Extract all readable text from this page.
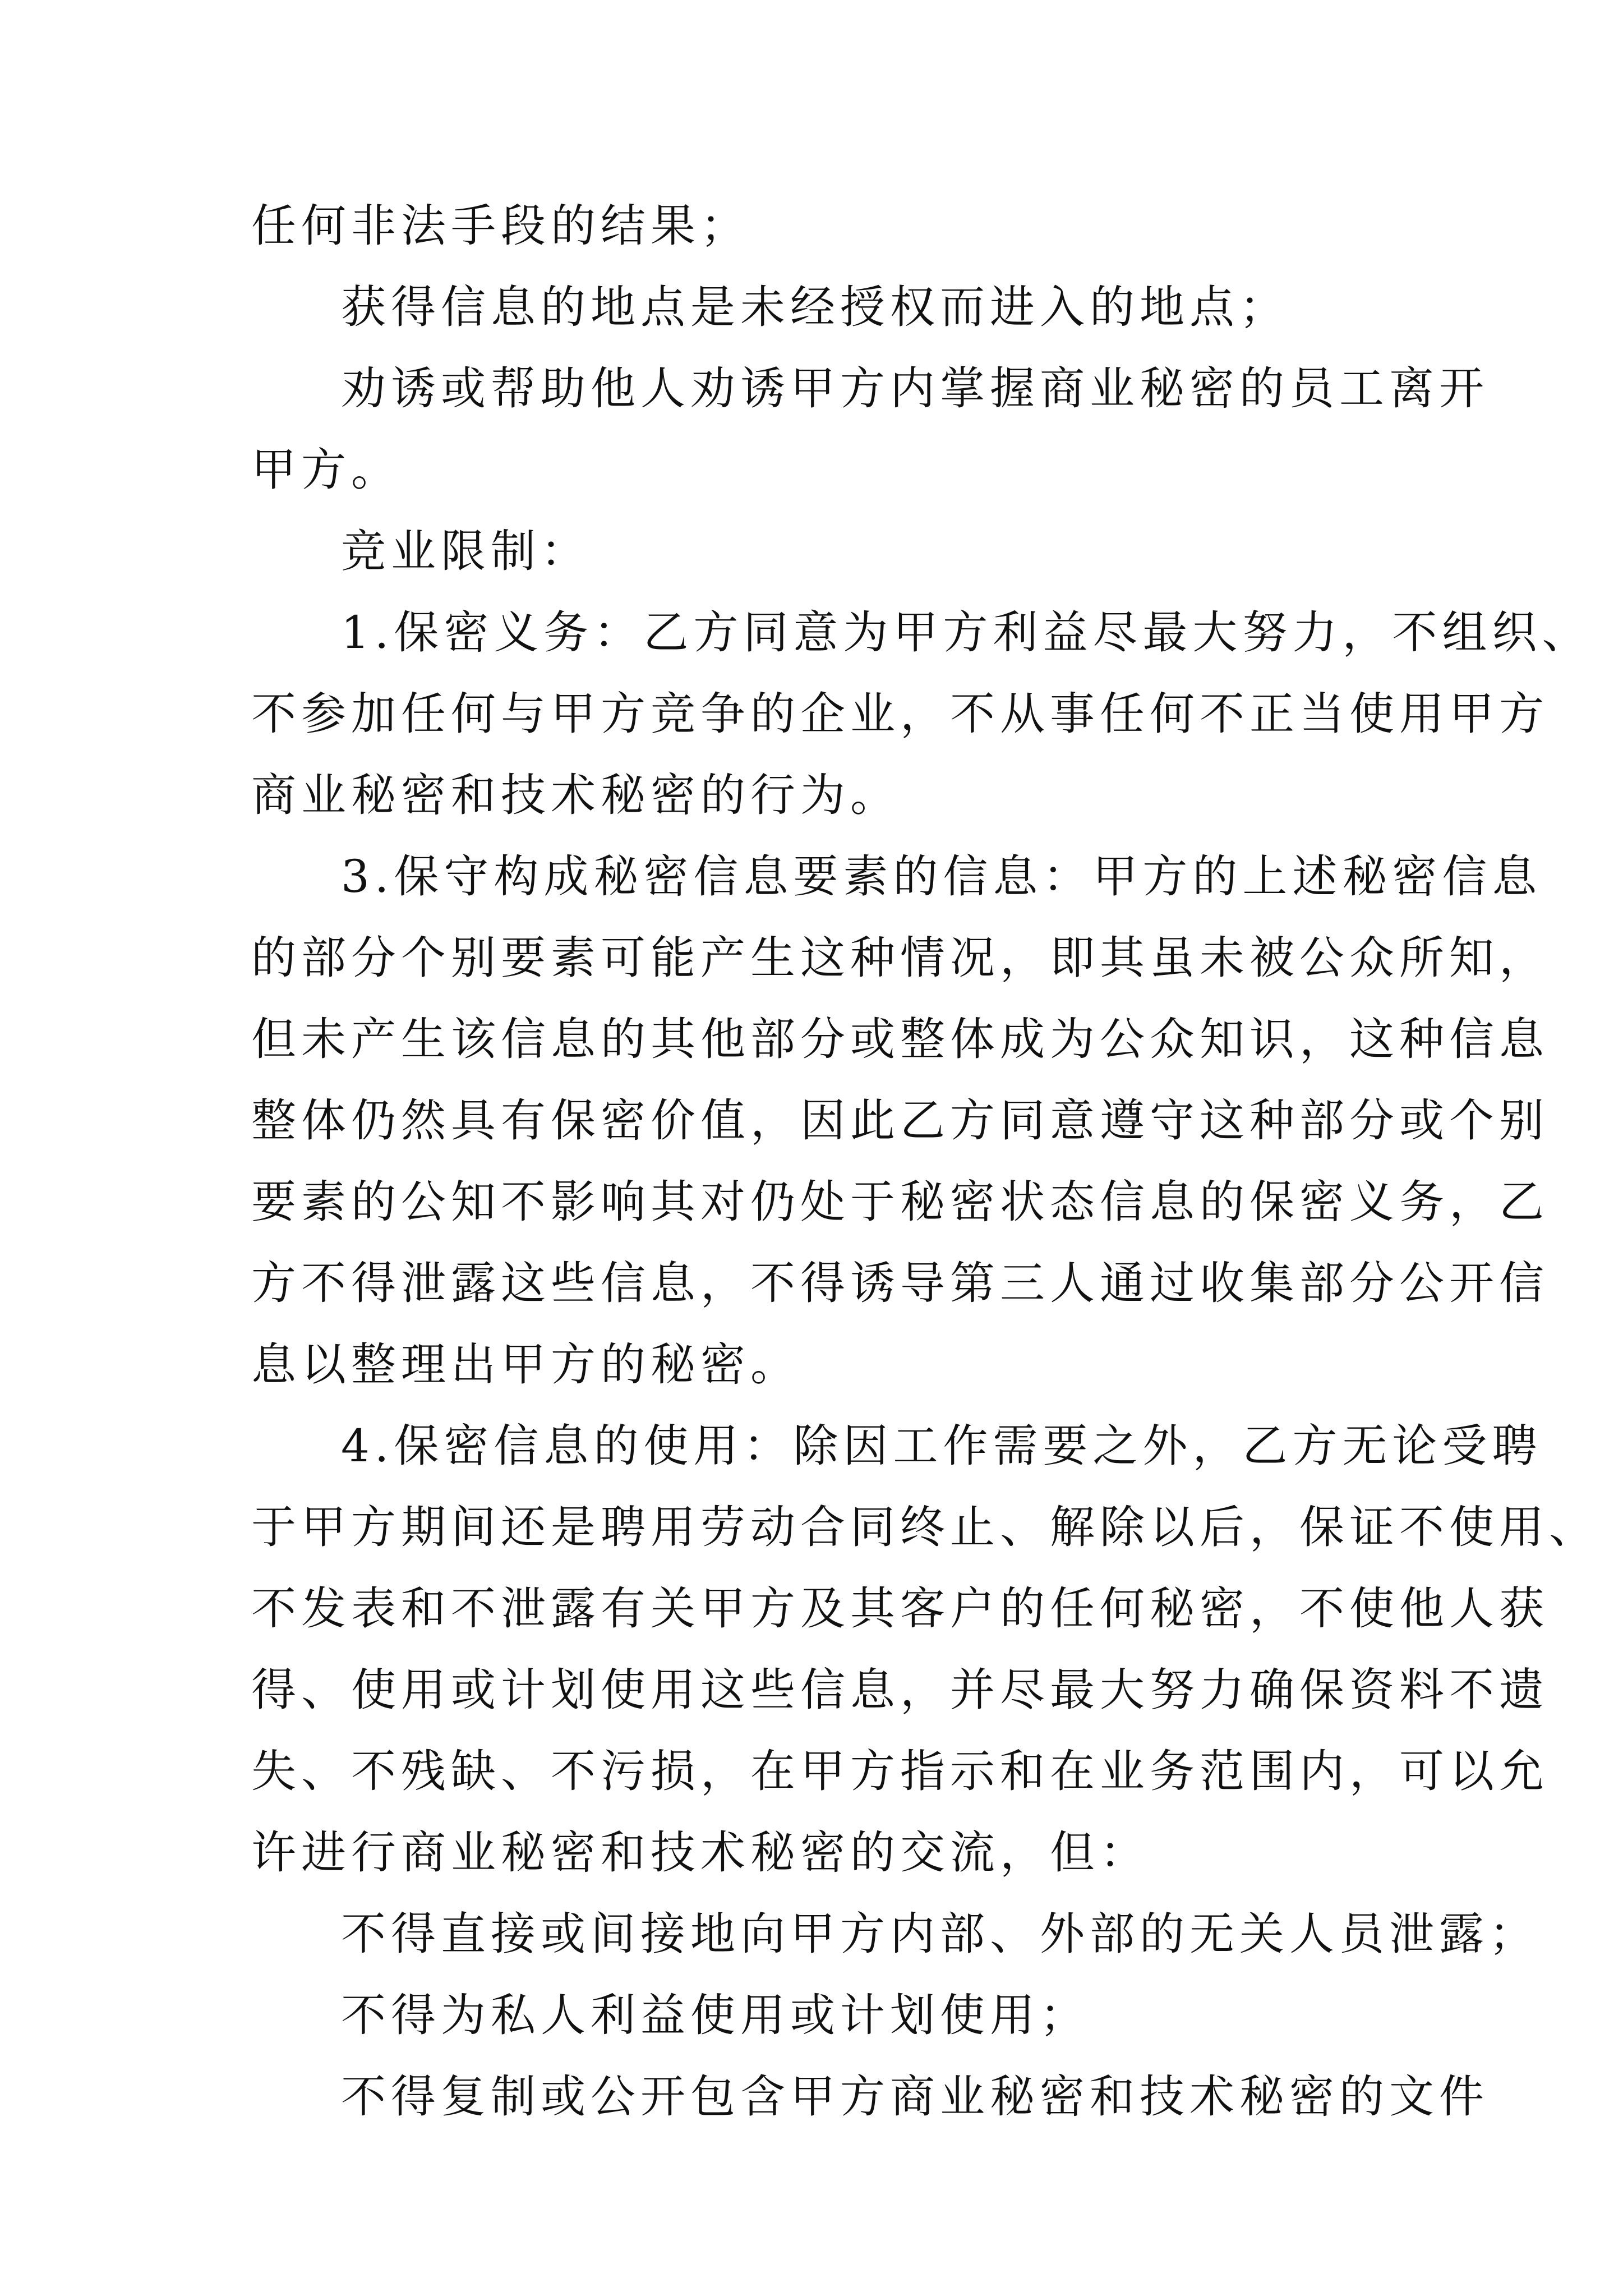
任何非法手段的结果；
获得信息的地点是未经授权而进入的地点；
劝诱或帮助他人劝诱甲方内掌握商业秘密的员工离开
甲方。
竞业限制：
1.保密义务：乙方同意为甲方利益尽最大努力，不组织、
不参加任何与甲方竞争的企业，不从事任何不正当使用甲方
商业秘密和技术秘密的行为。
3.保守构成秘密信息要素的信息：甲方的上述秘密信息
的部分个别要素可能产生这种情况，即其虽未被公众所知，
但未产生该信息的其他部分或整体成为公众知识，这种信息
整体仍然具有保密价值，因此乙方同意遵守这种部分或个别
要素的公知不影响其对仍处于秘密状态信息的保密义务，乙
方不得泄露这些信息，不得诱导第三人通过收集部分公开信
息以整理出甲方的秘密。
4.保密信息的使用：除因工作需要之外，乙方无论受聘
于甲方期间还是聘用劳动合同终止、解除以后，保证不使用、
不发表和不泄露有关甲方及其客户的任何秘密，不使他人获
得、使用或计划使用这些信息，并尽最大努力确保资料不遗
失、不残缺、不污损，在甲方指示和在业务范围内，可以允
许进行商业秘密和技术秘密的交流，但：
不得直接或间接地向甲方内部、外部的无关人员泄露；
不得为私人利益使用或计划使用；
不得复制或公开包含甲方商业秘密和技术秘密的文件
